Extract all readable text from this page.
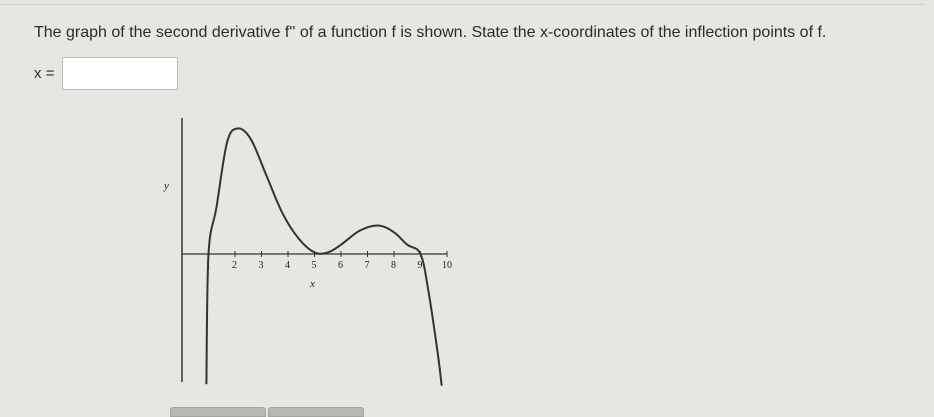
The graph of the second derivative f'' of a function f is shown. State the x-coordinates of the inflection points of f.
x =
y
x
1 2 3 4 5 6 7 8 9 10
